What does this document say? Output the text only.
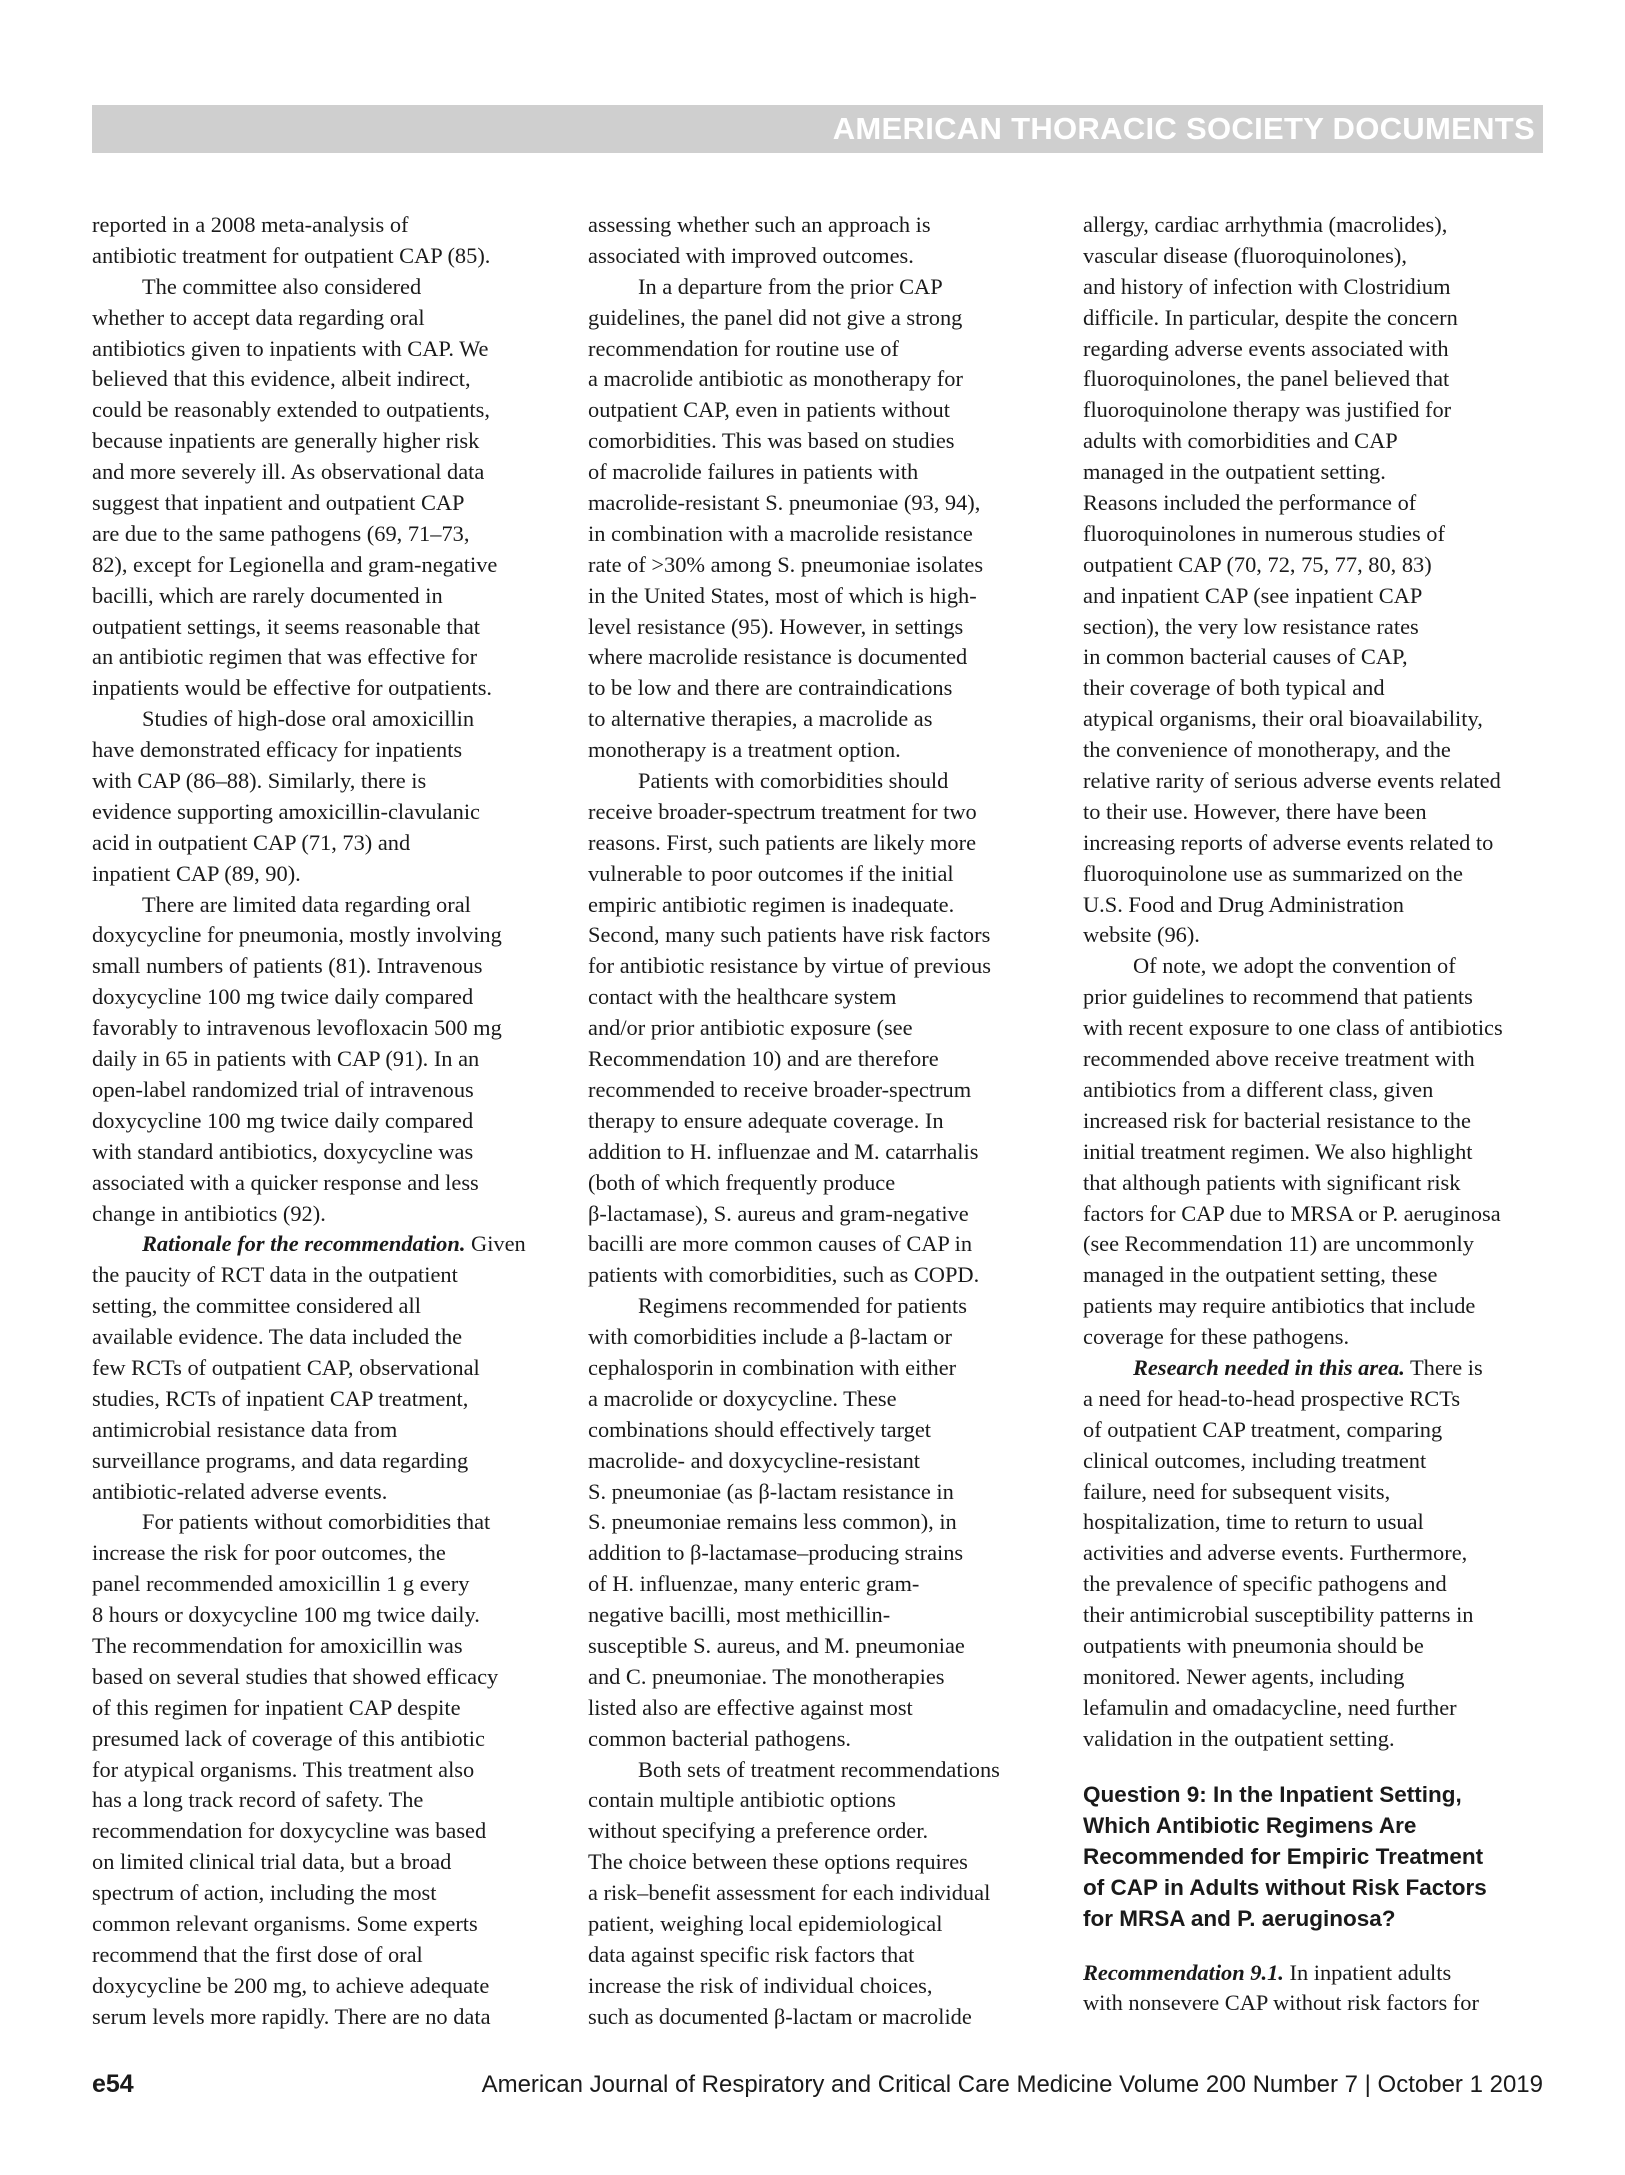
AMERICAN THORACIC SOCIETY DOCUMENTS
reported in a 2008 meta-analysis of
antibiotic treatment for outpatient CAP (85).
The committee also considered
whether to accept data regarding oral
antibiotics given to inpatients with CAP. We
believed that this evidence, albeit indirect,
could be reasonably extended to outpatients,
because inpatients are generally higher risk
and more severely ill. As observational data
suggest that inpatient and outpatient CAP
are due to the same pathogens (69, 71–73,
82), except for Legionella and gram-negative
bacilli, which are rarely documented in
outpatient settings, it seems reasonable that
an antibiotic regimen that was effective for
inpatients would be effective for outpatients.
Studies of high-dose oral amoxicillin
have demonstrated efficacy for inpatients
with CAP (86–88). Similarly, there is
evidence supporting amoxicillin-clavulanic
acid in outpatient CAP (71, 73) and
inpatient CAP (89, 90).
There are limited data regarding oral
doxycycline for pneumonia, mostly involving
small numbers of patients (81). Intravenous
doxycycline 100 mg twice daily compared
favorably to intravenous levofloxacin 500 mg
daily in 65 in patients with CAP (91). In an
open-label randomized trial of intravenous
doxycycline 100 mg twice daily compared
with standard antibiotics, doxycycline was
associated with a quicker response and less
change in antibiotics (92).
Rationale for the recommendation. Given
the paucity of RCT data in the outpatient
setting, the committee considered all
available evidence. The data included the
few RCTs of outpatient CAP, observational
studies, RCTs of inpatient CAP treatment,
antimicrobial resistance data from
surveillance programs, and data regarding
antibiotic-related adverse events.
For patients without comorbidities that
increase the risk for poor outcomes, the
panel recommended amoxicillin 1 g every
8 hours or doxycycline 100 mg twice daily.
The recommendation for amoxicillin was
based on several studies that showed efficacy
of this regimen for inpatient CAP despite
presumed lack of coverage of this antibiotic
for atypical organisms. This treatment also
has a long track record of safety. The
recommendation for doxycycline was based
on limited clinical trial data, but a broad
spectrum of action, including the most
common relevant organisms. Some experts
recommend that the first dose of oral
doxycycline be 200 mg, to achieve adequate
serum levels more rapidly. There are no data
assessing whether such an approach is
associated with improved outcomes.
In a departure from the prior CAP
guidelines, the panel did not give a strong
recommendation for routine use of
a macrolide antibiotic as monotherapy for
outpatient CAP, even in patients without
comorbidities. This was based on studies
of macrolide failures in patients with
macrolide-resistant S. pneumoniae (93, 94),
in combination with a macrolide resistance
rate of >30% among S. pneumoniae isolates
in the United States, most of which is high-
level resistance (95). However, in settings
where macrolide resistance is documented
to be low and there are contraindications
to alternative therapies, a macrolide as
monotherapy is a treatment option.
Patients with comorbidities should
receive broader-spectrum treatment for two
reasons. First, such patients are likely more
vulnerable to poor outcomes if the initial
empiric antibiotic regimen is inadequate.
Second, many such patients have risk factors
for antibiotic resistance by virtue of previous
contact with the healthcare system
and/or prior antibiotic exposure (see
Recommendation 10) and are therefore
recommended to receive broader-spectrum
therapy to ensure adequate coverage. In
addition to H. influenzae and M. catarrhalis
(both of which frequently produce
β-lactamase), S. aureus and gram-negative
bacilli are more common causes of CAP in
patients with comorbidities, such as COPD.
Regimens recommended for patients
with comorbidities include a β-lactam or
cephalosporin in combination with either
a macrolide or doxycycline. These
combinations should effectively target
macrolide- and doxycycline-resistant
S. pneumoniae (as β-lactam resistance in
S. pneumoniae remains less common), in
addition to β-lactamase–producing strains
of H. influenzae, many enteric gram-
negative bacilli, most methicillin-
susceptible S. aureus, and M. pneumoniae
and C. pneumoniae. The monotherapies
listed also are effective against most
common bacterial pathogens.
Both sets of treatment recommendations
contain multiple antibiotic options
without specifying a preference order.
The choice between these options requires
a risk–benefit assessment for each individual
patient, weighing local epidemiological
data against specific risk factors that
increase the risk of individual choices,
such as documented β-lactam or macrolide
allergy, cardiac arrhythmia (macrolides),
vascular disease (fluoroquinolones),
and history of infection with Clostridium
difficile. In particular, despite the concern
regarding adverse events associated with
fluoroquinolones, the panel believed that
fluoroquinolone therapy was justified for
adults with comorbidities and CAP
managed in the outpatient setting.
Reasons included the performance of
fluoroquinolones in numerous studies of
outpatient CAP (70, 72, 75, 77, 80, 83)
and inpatient CAP (see inpatient CAP
section), the very low resistance rates
in common bacterial causes of CAP,
their coverage of both typical and
atypical organisms, their oral bioavailability,
the convenience of monotherapy, and the
relative rarity of serious adverse events related
to their use. However, there have been
increasing reports of adverse events related to
fluoroquinolone use as summarized on the
U.S. Food and Drug Administration
website (96).
Of note, we adopt the convention of
prior guidelines to recommend that patients
with recent exposure to one class of antibiotics
recommended above receive treatment with
antibiotics from a different class, given
increased risk for bacterial resistance to the
initial treatment regimen. We also highlight
that although patients with significant risk
factors for CAP due to MRSA or P. aeruginosa
(see Recommendation 11) are uncommonly
managed in the outpatient setting, these
patients may require antibiotics that include
coverage for these pathogens.
Research needed in this area. There is
a need for head-to-head prospective RCTs
of outpatient CAP treatment, comparing
clinical outcomes, including treatment
failure, need for subsequent visits,
hospitalization, time to return to usual
activities and adverse events. Furthermore,
the prevalence of specific pathogens and
their antimicrobial susceptibility patterns in
outpatients with pneumonia should be
monitored. Newer agents, including
lefamulin and omadacycline, need further
validation in the outpatient setting.
Question 9: In the Inpatient Setting,
Which Antibiotic Regimens Are
Recommended for Empiric Treatment
of CAP in Adults without Risk Factors
for MRSA and P. aeruginosa?
Recommendation 9.1. In inpatient adults
with nonsevere CAP without risk factors for
e54	American Journal of Respiratory and Critical Care Medicine Volume 200 Number 7 | October 1 2019
